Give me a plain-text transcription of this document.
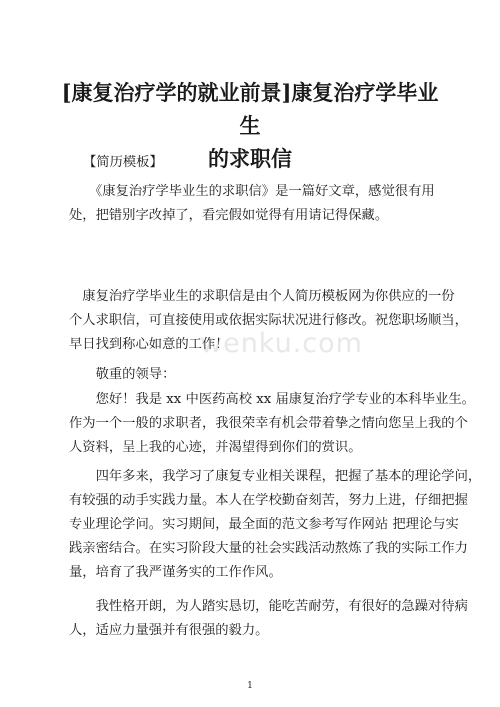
[康复治疗学的就业前景]康复治疗学毕业生
的求职信

【简历模板】

　　《康复治疗学毕业生的求职信》是一篇好文章，感觉很有用
处，把错别字改掉了，看完假如觉得有用请记得保藏。

　康复治疗学毕业生的求职信是由个人简历模板网为你供应的一份
个人求职信，可直接使用或依据实际状况进行修改。祝您职场顺当，
早日找到称心如意的工作！

　　敬重的领导：

　　您好！我是 xx 中医药高校 xx 届康复治疗学专业的本科毕业生。
作为一个一般的求职者，我很荣幸有机会带着挚之情向您呈上我的个
人资料，呈上我的心迹，并渴望得到你们的赏识。

　　四年多来，我学习了康复专业相关课程，把握了基本的理论学问，
有较强的动手实践力量。本人在学校勤奋刻苦，努力上进，仔细把握
专业理论学问。实习期间，最全面的范文参考写作网站 把理论与实
践亲密结合。在实习阶段大量的社会实践活动熬炼了我的实际工作力
量，培育了我严谨务实的工作作风。

　　我性格开朗，为人踏实恳切，能吃苦耐劳，有很好的急躁对待病
人，适应力量强并有很强的毅力。

wenku.com
1
